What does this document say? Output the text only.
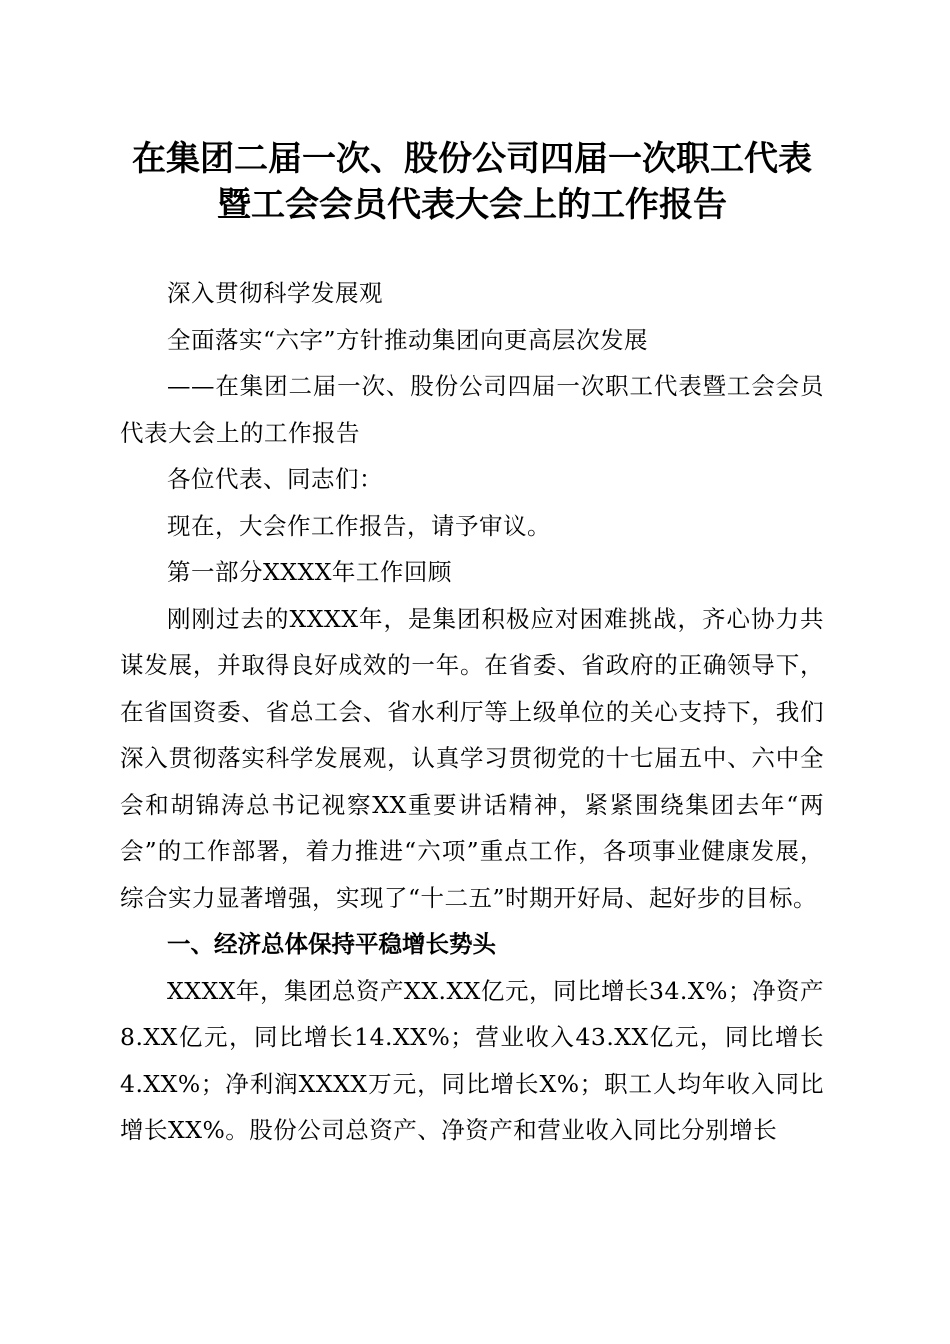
在集团二届一次、股份公司四届一次职工代表
暨工会会员代表大会上的工作报告

深入贯彻科学发展观

全面落实“六字”方针推动集团向更高层次发展

——在集团二届一次、股份公司四届一次职工代表暨工会会员代表大会上的工作报告

各位代表、同志们：

现在，大会作工作报告，请予审议。

第一部分XXXX年工作回顾

刚刚过去的XXXX年，是集团积极应对困难挑战，齐心协力共谋发展，并取得良好成效的一年。在省委、省政府的正确领导下，在省国资委、省总工会、省水利厅等上级单位的关心支持下，我们深入贯彻落实科学发展观，认真学习贯彻党的十七届五中、六中全会和胡锦涛总书记视察XX重要讲话精神，紧紧围绕集团去年“两会”的工作部署，着力推进“六项”重点工作，各项事业健康发展，综合实力显著增强，实现了“十二五”时期开好局、起好步的目标。

一、经济总体保持平稳增长势头

XXXX年，集团总资产XX.XX亿元，同比增长34.X%；净资产8.XX亿元，同比增长14.XX%；营业收入43.XX亿元，同比增长4.XX%；净利润XXXX万元，同比增长X%；职工人均年收入同比增长XX%。股份公司总资产、净资产和营业收入同比分别增长
